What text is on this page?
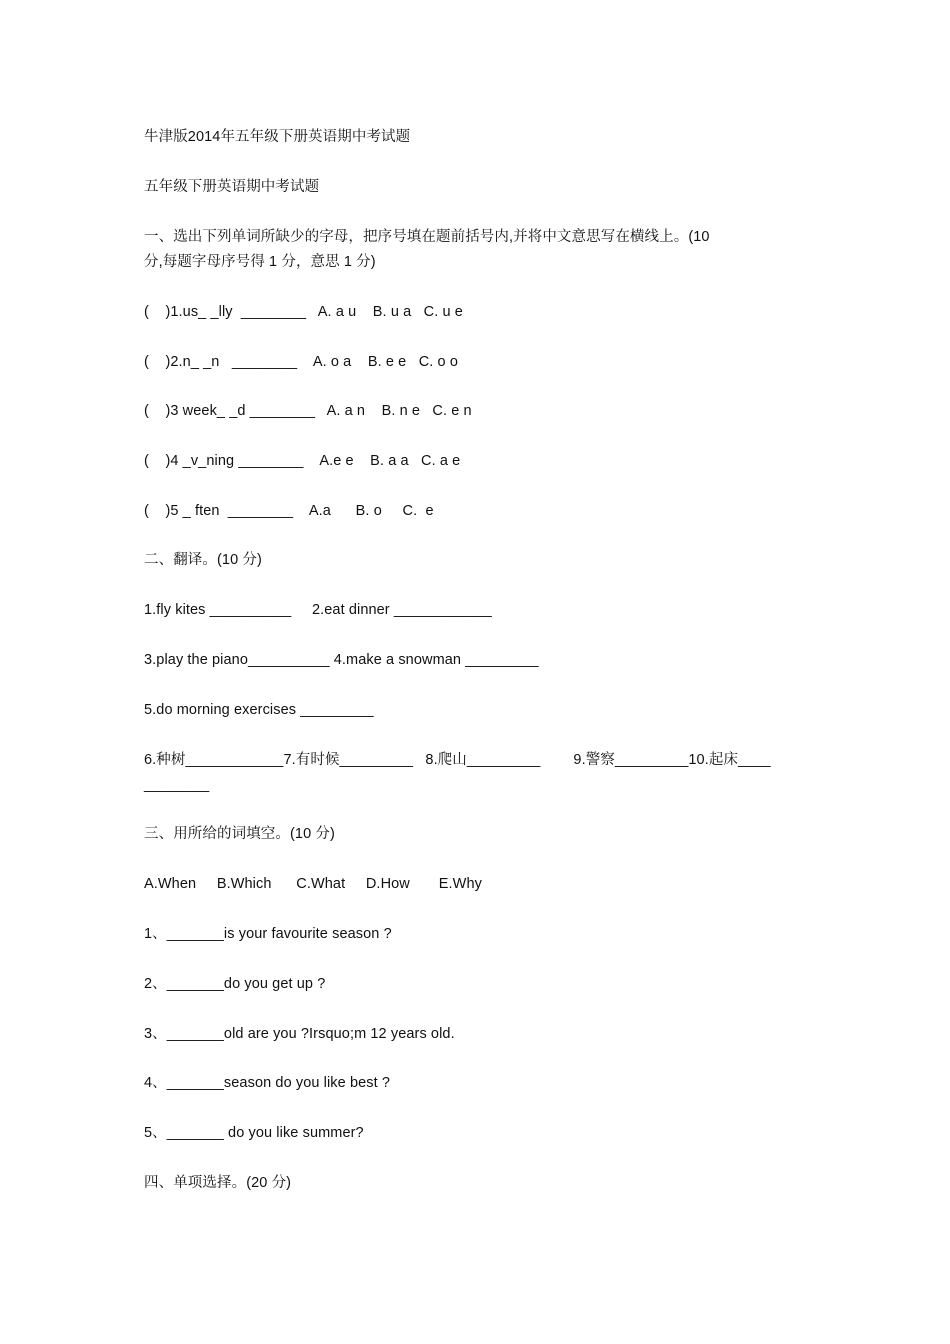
牛津版2014年五年级下册英语期中考试题
五年级下册英语期中考试题
一、选出下列单词所缺少的字母，把序号填在题前括号内,并将中文意思写在横线上。(10
分,每题字母序号得 1 分，意思 1 分)
(    )1.us_ _lly  ________   A. a u    B. u a   C. u e
(    )2.n_ _n   ________    A. o a    B. e e   C. o o
(    )3 week_ _d ________   A. a n    B. n e   C. e n
(    )4 _v_ning ________    A.e e    B. a a   C. a e
(    )5 _ ften  ________    A.a      B. o     C.  e
二、翻译。(10 分)
1.fly kites __________     2.eat dinner ____________
3.play the piano__________ 4.make a snowman _________
5.do morning exercises _________
6.种树____________7.有时候_________   8.爬山_________        9.警察_________10.起床____
________
三、用所给的词填空。(10 分)
A.When     B.Which      C.What     D.How       E.Why
1、_______is your favourite season ?
2、_______do you get up ?
3、_______old are you ?Irsquo;m 12 years old.
4、_______season do you like best ?
5、_______ do you like summer?
四、单项选择。(20 分)
